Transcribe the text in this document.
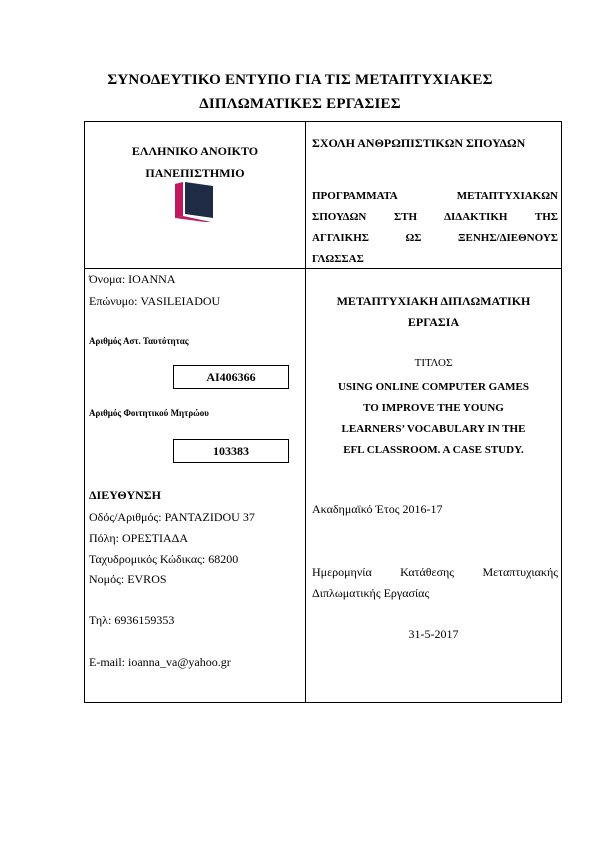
ΣΥΝΟΔΕΥΤΙΚΟ ΕΝΤΥΠΟ ΓΙΑ ΤΙΣ ΜΕΤΑΠΤΥΧΙΑΚΕΣ
ΔΙΠΛΩΜΑΤΙΚΕΣ ΕΡΓΑΣΙΕΣ
ΕΛΛΗΝΙΚΟ ΑΝΟΙΚΤΟ
ΠΑΝΕΠΙΣΤΗΜΙΟ
ΣΧΟΛΗ ΑΝΘΡΩΠΙΣΤΙΚΩΝ ΣΠΟΥΔΩΝ
ΠΡΟΓΡΑΜΜΑΤΑ ΜΕΤΑΠΤΥΧΙΑΚΩΝ
ΣΠΟΥΔΩΝ ΣΤΗ ΔΙΔΑΚΤΙΚΗ ΤΗΣ
ΑΓΓΛΙΚΗΣ ΩΣ ΞΕΝΗΣ/ΔΙΕΘΝΟΥΣ
ΓΛΩΣΣΑΣ
Όνομα: IOANNA
Επώνυμο: VASILEIADOU
Αριθμός Αστ. Ταυτότητας
AI406366
Αριθμός Φοιτητικού Μητρώου
103383
ΔΙΕΥΘΥΝΣΗ
Οδός/Αριθμός: PANTAZIDOU 37
Πόλη: ΟΡΕΣΤΙΑΔΑ
Ταχυδρομικός Κώδικας: 68200
Νομός: EVROS
Τηλ: 6936159353
E-mail: ioanna_va@yahoo.gr
ΜΕΤΑΠΤΥΧΙΑΚΗ ΔΙΠΛΩΜΑΤΙΚΗ
ΕΡΓΑΣΙΑ
ΤΙΤΛΟΣ
USING ONLINE COMPUTER GAMES
TO IMPROVE THE YOUNG
LEARNERS’ VOCABULARY IN THE
EFL CLASSROOM. A CASE STUDY.
Ακαδημαϊκό Έτος 2016-17
Ημερομηνία Κατάθεσης Μεταπτυχιακής
Διπλωματικής Εργασίας
31-5-2017
